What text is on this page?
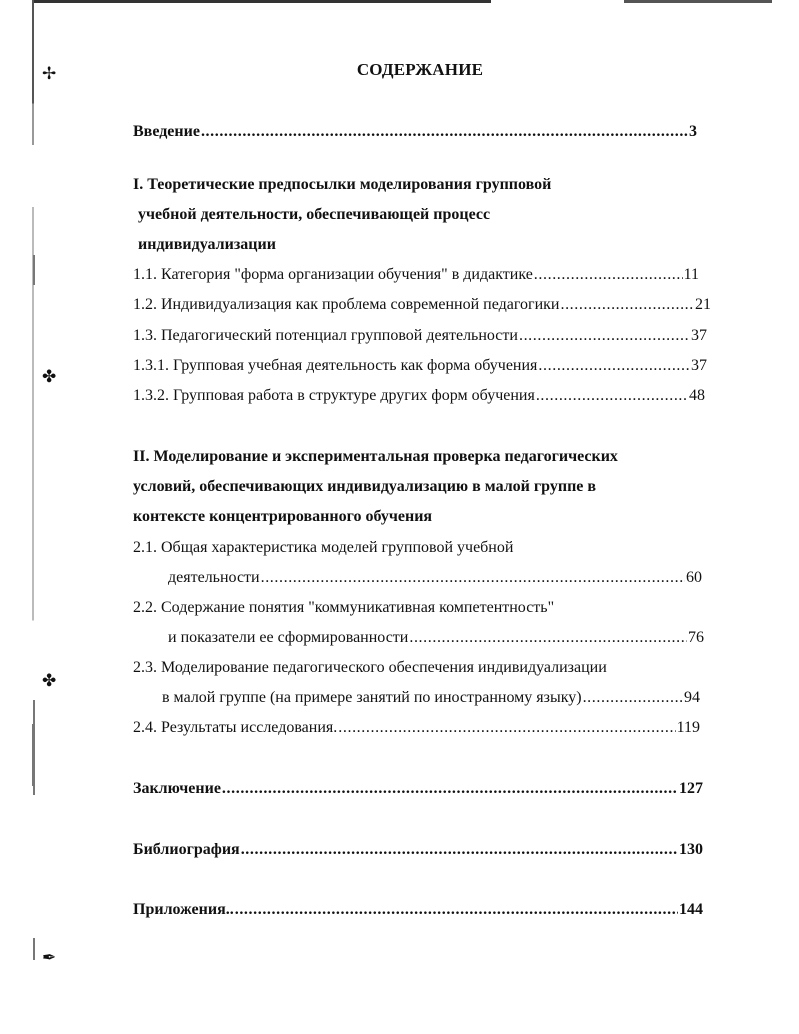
✢
✤
✤
✒
СОДЕРЖАНИЕ
Введение .....	3
I. Теоретические предпосылки моделирования групповой
учебной деятельности, обеспечивающей процесс
индивидуализации
1.1. Категория "форма организации обучения" в дидактике .....	11
1.2. Индивидуализация как проблема современной педагогики .....	21
1.3. Педагогический потенциал групповой деятельности .....	37
1.3.1. Групповая учебная деятельность как форма обучения .....	37
1.3.2. Групповая работа в структуре других форм обучения .....	48
II. Моделирование и экспериментальная проверка педагогических
условий, обеспечивающих индивидуализацию в малой группе в
контексте концентрированного обучения
2.1. Общая характеристика моделей групповой учебной
деятельности .....	60
2.2. Содержание понятия "коммуникативная компетентность"
и показатели ее сформированности .....	76
2.3. Моделирование педагогического обеспечения индивидуализации
в малой группе (на примере занятий по иностранному языку) .....	94
2.4. Результаты исследования. .....	119
Заключение .....	127
Библиография .....	130
Приложения.. .....	144
